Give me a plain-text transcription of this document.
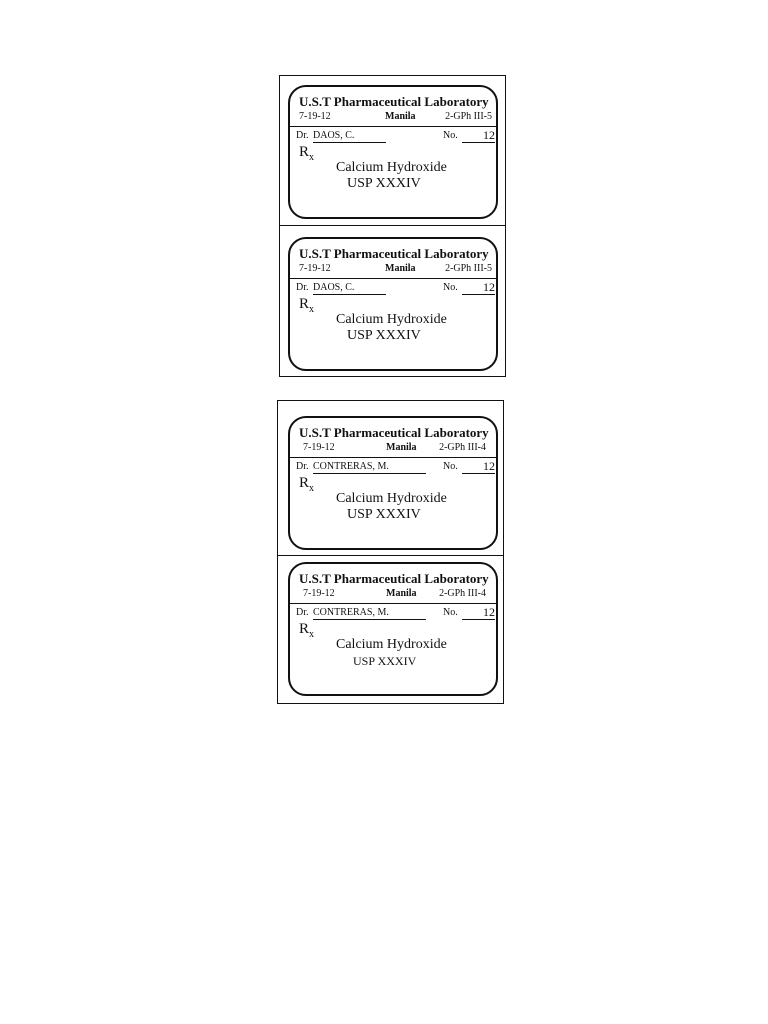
U.S.T Pharmaceutical Laboratory
7-19-12	Manila	2-GPh III-5
Dr. DAOS, C.	No.	12
$R_x$
Calcium Hydroxide
USP XXXIV
U.S.T Pharmaceutical Laboratory
7-19-12	Manila	2-GPh III-5
Dr. DAOS, C.	No.	12
$R_x$
Calcium Hydroxide
USP XXXIV
U.S.T Pharmaceutical Laboratory
7-19-12	Manila 2-GPh III-4
Dr. CONTRERAS, M.	No.	12
$R_x$
Calcium Hydroxide
USP XXXIV
U.S.T Pharmaceutical Laboratory
7-19-12	Manila 2-GPh III-4
Dr. CONTRERAS, M.	No.	12
$R_x$
Calcium Hydroxide
USP XXXIV
